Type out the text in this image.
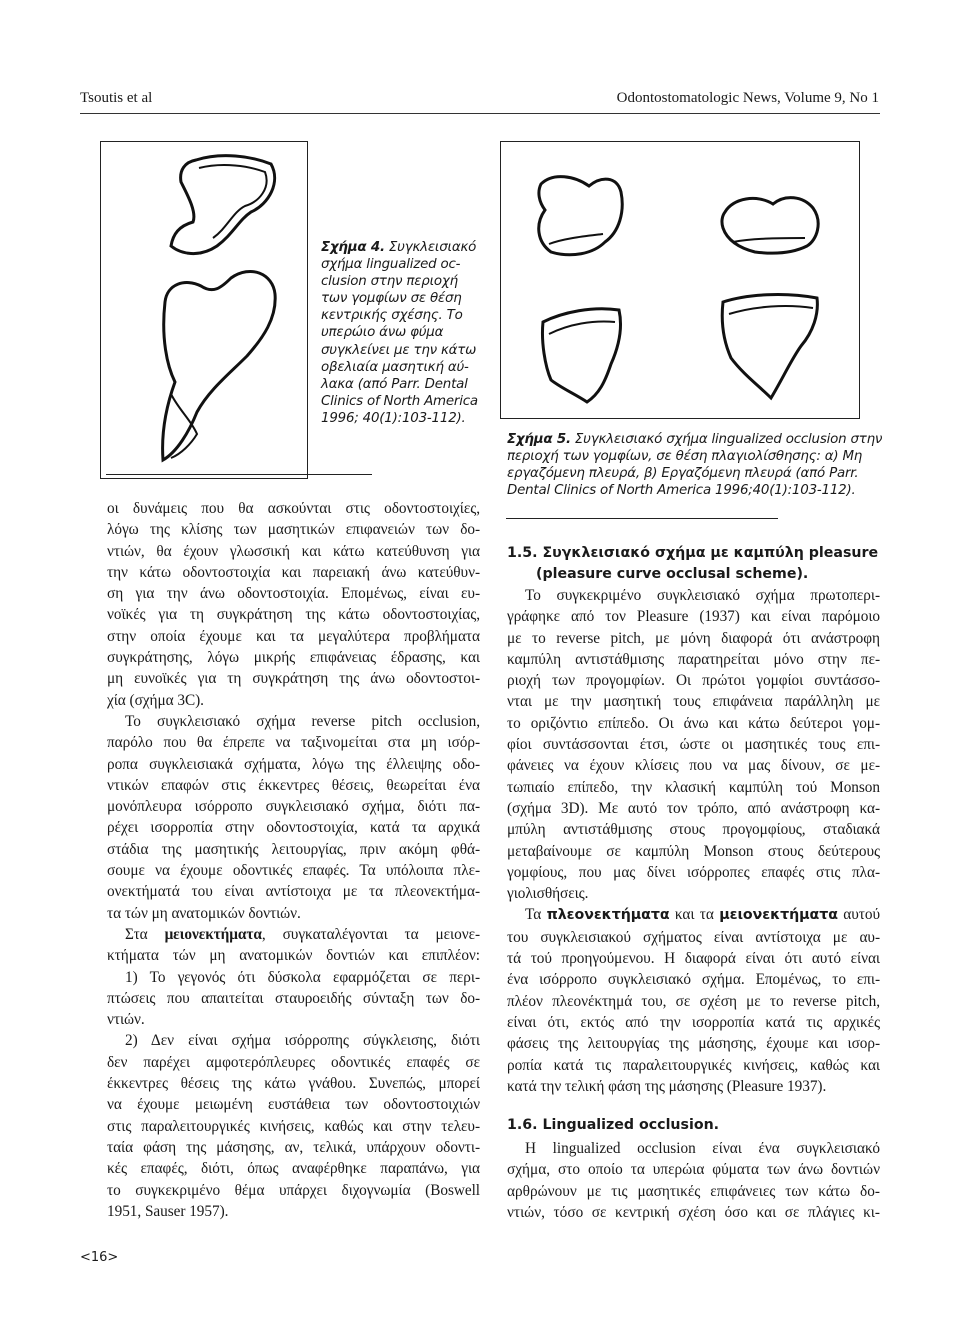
Tsoutis et al	Odontostomatologic News, Volume 9, No 1
Σχήμα 4. Συγκλεισιακό
σχήμα lingualized oc-
clusion στην περιοχή
των γομφίων σε θέση
κεντρικής σχέσης. Το
υπερώιο άνω φύμα
συγκλείνει με την κάτω
οβελιαία μασητική αύ-
λακα (από Parr. Dental
Clinics of North America
1996; 40(1):103-112).
Σχήμα 5. Συγκλεισιακό σχήμα lingualized occlusion στην
περιοχή των γομφίων, σε θέση πλαγιολίσθησης: α) Μη
εργαζόμενη πλευρά, β) Εργαζόμενη πλευρά (από Parr.
Dental Clinics of North America 1996;40(1):103-112).
οι δυνάμεις που θα ασκούνται στις οδοντοστοιχίες,
λόγω της κλίσης των μασητικών επιφανειών των δο-
ντιών, θα έχουν γλωσσική και κάτω κατεύθυνση για
την κάτω οδοντοστοιχία και παρειακή άνω κατεύθυν-
ση για την άνω οδοντοστοιχία. Επομένως, είναι ευ-
νοϊκές για τη συγκράτηση της κάτω οδοντοστοιχίας,
στην οποία έχουμε και τα μεγαλύτερα προβλήματα
συγκράτησης, λόγω μικρής επιφάνειας έδρασης, και
μη ευνοϊκές για τη συγκράτηση της άνω οδοντοστοι-
χία (σχήμα 3C).
Το συγκλεισιακό σχήμα reverse pitch occlusion,
παρόλο που θα έπρεπε να ταξινομείται στα μη ισόρ-
ροπα συγκλεισιακά σχήματα, λόγω της έλλειψης οδο-
ντικών επαφών στις έκκεντρες θέσεις, θεωρείται ένα
μονόπλευρα ισόρροπο συγκλεισιακό σχήμα, διότι πα-
ρέχει ισορροπία στην οδοντοστοιχία, κατά τα αρχικά
στάδια της μασητικής λειτουργίας, πριν ακόμη φθά-
σουμε να έχουμε οδοντικές επαφές. Τα υπόλοιπα πλε-
ονεκτήματά του είναι αντίστοιχα με τα πλεονεκτήμα-
τα τών μη ανατομικών δοντιών.
Στα μειονεκτήματα, συγκαταλέγονται τα μειονε-
κτήματα τών μη ανατομικών δοντιών και επιπλέον:
1) Το γεγονός ότι δύσκολα εφαρμόζεται σε περι-
πτώσεις που απαιτείται σταυροειδής σύνταξη των δο-
ντιών.
2) Δεν είναι σχήμα ισόρροπης σύγκλεισης, διότι
δεν παρέχει αμφοτερόπλευρες οδοντικές επαφές σε
έκκεντρες θέσεις της κάτω γνάθου. Συνεπώς, μπορεί
να έχουμε μειωμένη ευστάθεια των οδοντοστοιχιών
στις παραλειτουργικές κινήσεις, καθώς και στην τελευ-
ταία φάση της μάσησης, αν, τελικά, υπάρχουν οδοντι-
κές επαφές, διότι, όπως αναφέρθηκε παραπάνω, για
το συγκεκριμένο θέμα υπάρχει διχογνωμία (Boswell
1951, Sauser 1957).
1.5. Συγκλεισιακό σχήμα με καμπύλη pleasure
(pleasure curve occlusal scheme).
Το συγκεκριμένο συγκλεισιακό σχήμα πρωτοπερι-
γράφηκε από τον Pleasure (1937) και είναι παρόμοιο
με το reverse pitch, με μόνη διαφορά ότι ανάστροφη
καμπύλη αντιστάθμισης παρατηρείται μόνο στην πε-
ριοχή των προγομφίων. Οι πρώτοι γομφίοι συντάσσο-
νται με την μασητική τους επιφάνεια παράλληλη με
το οριζόντιο επίπεδο. Οι άνω και κάτω δεύτεροι γομ-
φίοι συντάσσονται έτσι, ώστε οι μασητικές τους επι-
φάνειες να έχουν κλίσεις που να μας δίνουν, σε με-
τωπιαίο επίπεδο, την κλασική καμπύλη τού Monson
(σχήμα 3D). Με αυτό τον τρόπο, από ανάστροφη κα-
μπύλη αντιστάθμισης στους προγομφίους, σταδιακά
μεταβαίνουμε σε καμπύλη Monson στους δεύτερους
γομφίους, που μας δίνει ισόρροπες επαφές στις πλα-
γιολισθήσεις.
Τα πλεονεκτήματα και τα μειονεκτήματα αυτού
του συγκλεισιακού σχήματος είναι αντίστοιχα με αυ-
τά τού προηγούμενου. Η διαφορά είναι ότι αυτό είναι
ένα ισόρροπο συγκλεισιακό σχήμα. Επομένως, το επι-
πλέον πλεονέκτημά του, σε σχέση με το reverse pitch,
είναι ότι, εκτός από την ισορροπία κατά τις αρχικές
φάσεις της λειτουργίας της μάσησης, έχουμε και ισορ-
ροπία κατά τις παραλειτουργικές κινήσεις, καθώς και
κατά την τελική φάση της μάσησης (Pleasure 1937).
1.6. Lingualized occlusion.
Η lingualized occlusion είναι ένα συγκλεισιακό
σχήμα, στο οποίο τα υπερώια φύματα των άνω δοντιών
αρθρώνουν με τις μασητικές επιφάνειες των κάτω δο-
ντιών, τόσο σε κεντρική σχέση όσο και σε πλάγιες κι-
<16>
